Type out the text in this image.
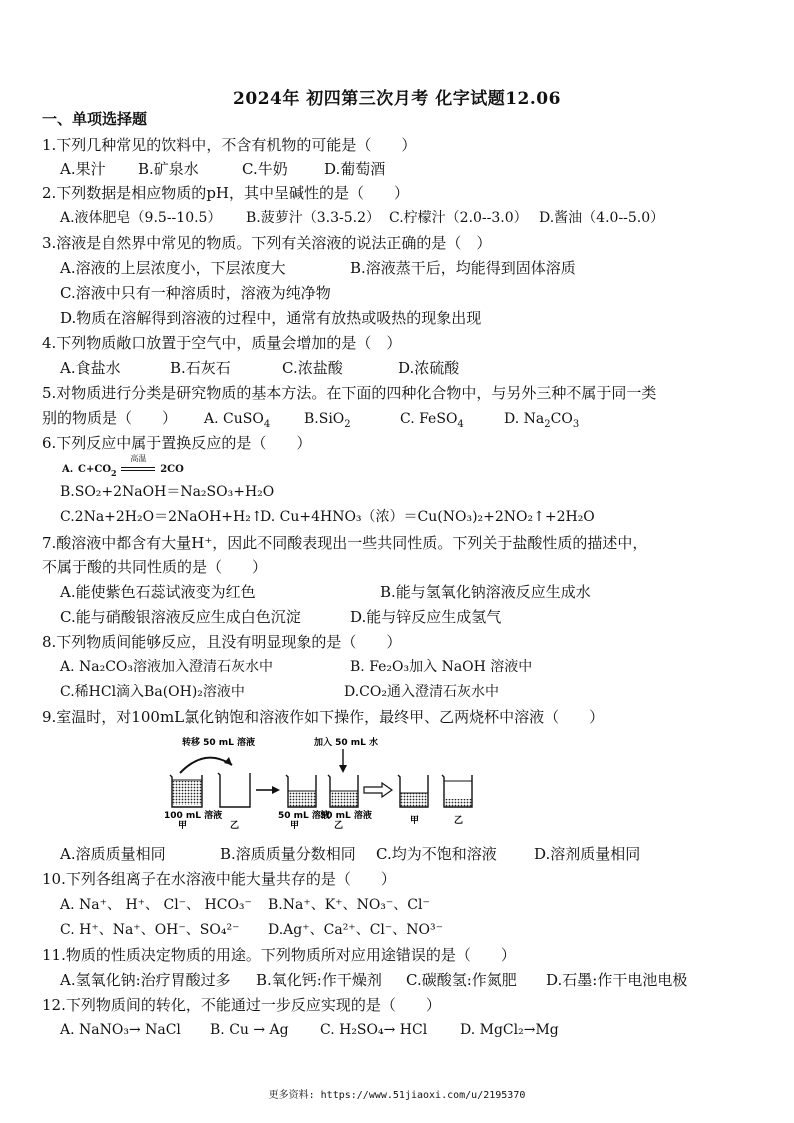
2024年 初四第三次月考 化字试题12.06
一、单项选择题
1.下列几种常见的饮料中，不含有机物的可能是（　　）
A.果汁 B.矿泉水	C.牛奶 D.葡萄酒
2.下列数据是相应物质的pH，其中呈碱性的是（　　）
A.液体肥皂（9.5--10.5） B.菠萝汁（3.3-5.2） C.柠檬汁（2.0--3.0） D.酱油（4.0--5.0）
3.溶液是自然界中常见的物质。下列有关溶液的说法正确的是（　）
A.溶液的上层浓度小，下层浓度大	B.溶液蒸干后，均能得到固体溶质
C.溶液中只有一种溶质时，溶液为纯净物
D.物质在溶解得到溶液的过程中，通常有放热或吸热的现象出现
4.下列物质敞口放置于空气中，质量会增加的是（　）
A.食盐水	B.石灰石	C.浓盐酸	D.浓硫酸
5.对物质进行分类是研究物质的基本方法。在下面的四种化合物中，与另外三种不属于同一类
别的物质是（　　） A. CuSO$_4$ B.SiO$_2$	C. FeSO$_4$	D. $Na_2CO_3$
6.下列反应中属于置换反应的是（　　）
A. $C+CO_2$
高温
2CO
B.SO₂+2NaOH＝Na₂SO₃+H₂O
C.2Na+2H₂O＝2NaOH+H₂↑D. Cu+4HNO₃（浓）＝Cu(NO₃)₂+2NO₂↑+2H₂O
7.酸溶液中都含有大量H⁺，因此不同酸表现出一些共同性质。下列关于盐酸性质的描述中，
不属于酸的共同性质的是（　　）
A.能使紫色石蕊试液变为红色	B.能与氢氧化钠溶液反应生成水
C.能与硝酸银溶液反应生成白色沉淀	D.能与锌反应生成氢气
8.下列物质间能够反应，且没有明显现象的是（　　）
A. Na₂CO₃溶液加入澄清石灰水中	B. Fe₂O₃加入 NaOH 溶液中
C.稀HCl滴入Ba(OH)₂溶液中	D.CO₂通入澄清石灰水中
9.室温时，对100mL氯化钠饱和溶液作如下操作，最终甲、乙两烧杯中溶液（　　）
转移 50 mL 溶液	加入 50 mL 水
100 mL 溶液
甲	乙
50 mL 溶液
甲
50 mL 溶液
乙	甲	乙
A.溶质质量相同	B.溶质质量分数相同 C.均为不饱和溶液 D.溶剂质量相同
10.下列各组离子在水溶液中能大量共存的是（　　）
A. Na⁺、 H⁺、 Cl⁻、 HCO₃⁻ B.Na⁺、K⁺、NO₃⁻、Cl⁻
C. H⁺、Na⁺、OH⁻、SO₄²⁻ D.Ag⁺、Ca²⁺、Cl⁻、NO³⁻
11.物质的性质决定物质的用途。下列物质所对应用途错误的是（　　）
A.氢氧化钠:治疗胃酸过多 B.氧化钙:作干燥剂 C.碳酸氢:作氮肥 D.石墨:作干电池电极
12.下列物质间的转化，不能通过一步反应实现的是（　　）
A. NaNO₃→ NaCl B. Cu → Ag C. H₂SO₄→ HCl D. MgCl₂→Mg
更多资料: https://www.51jiaoxi.com/u/2195370
